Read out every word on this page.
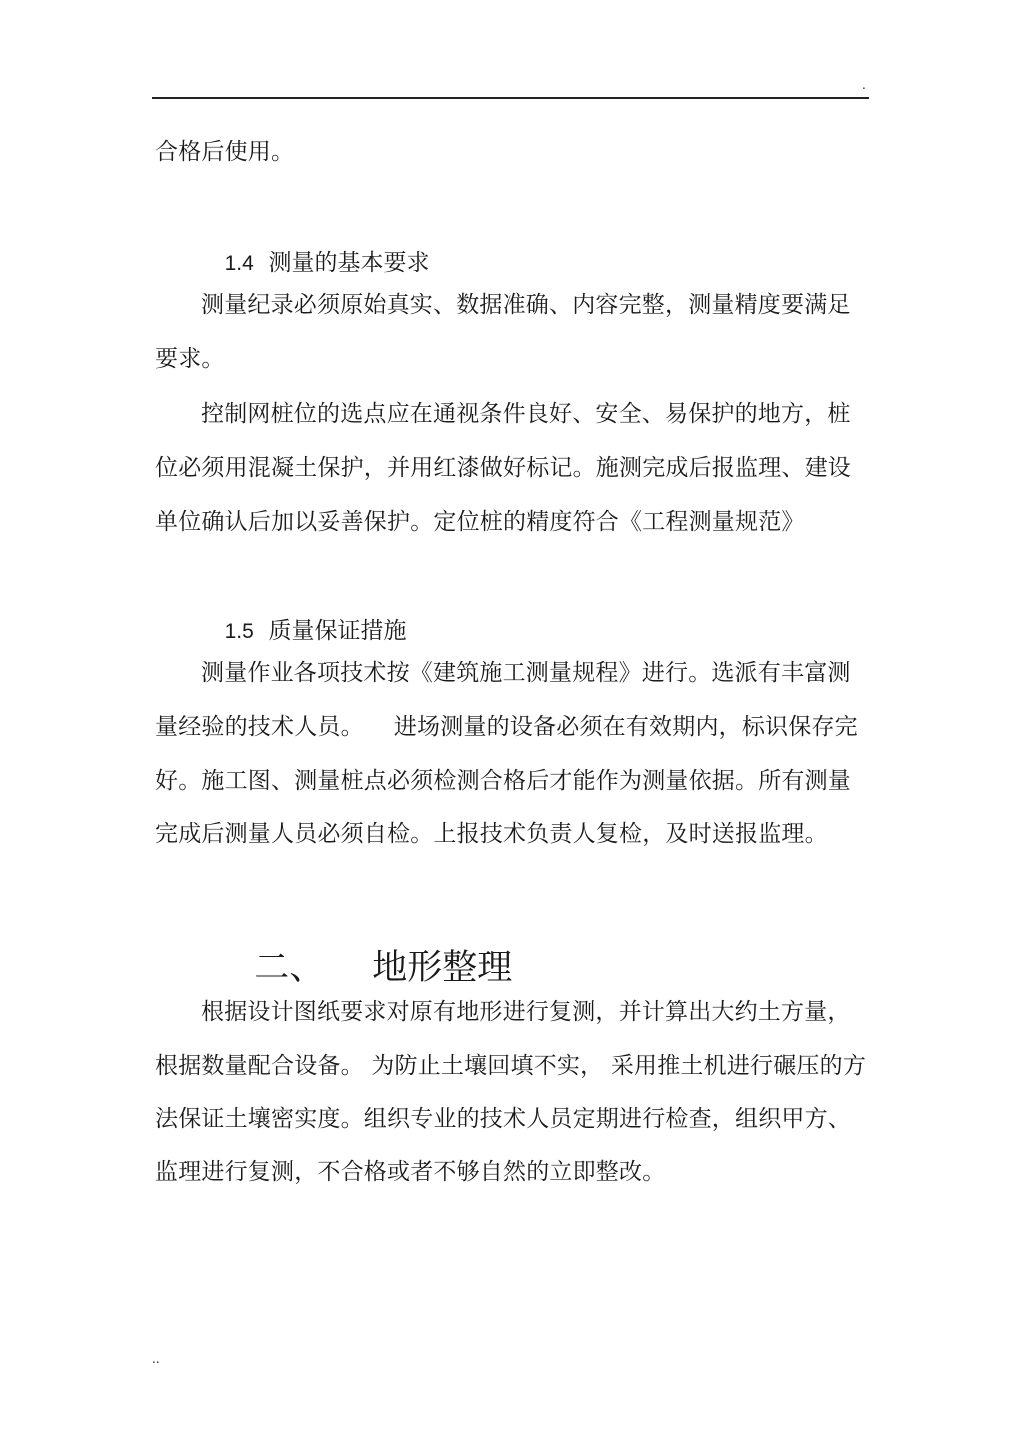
.
合格后使用。

1.4 测量的基本要求

测量纪录必须原始真实、数据准确、内容完整，测量精度要满足
要求。
控制网桩位的选点应在通视条件良好、安全、易保护的地方，桩
位必须用混凝土保护，并用红漆做好标记。施测完成后报监理、建设
单位确认后加以妥善保护。定位桩的精度符合《工程测量规范》

1.5 质量保证措施

测量作业各项技术按《建筑施工测量规程》进行。选派有丰富测
量经验的技术人员。    进场测量的设备必须在有效期内，标识保存完
好。施工图、测量桩点必须检测合格后才能作为测量依据。所有测量
完成后测量人员必须自检。上报技术负责人复检，及时送报监理。

二、 地形整理

根据设计图纸要求对原有地形进行复测，并计算出大约土方量，
根据数量配合设备。 为防止土壤回填不实， 采用推土机进行碾压的方
法保证土壤密实度。组织专业的技术人员定期进行检查，组织甲方、
监理进行复测，不合格或者不够自然的立即整改。
..
